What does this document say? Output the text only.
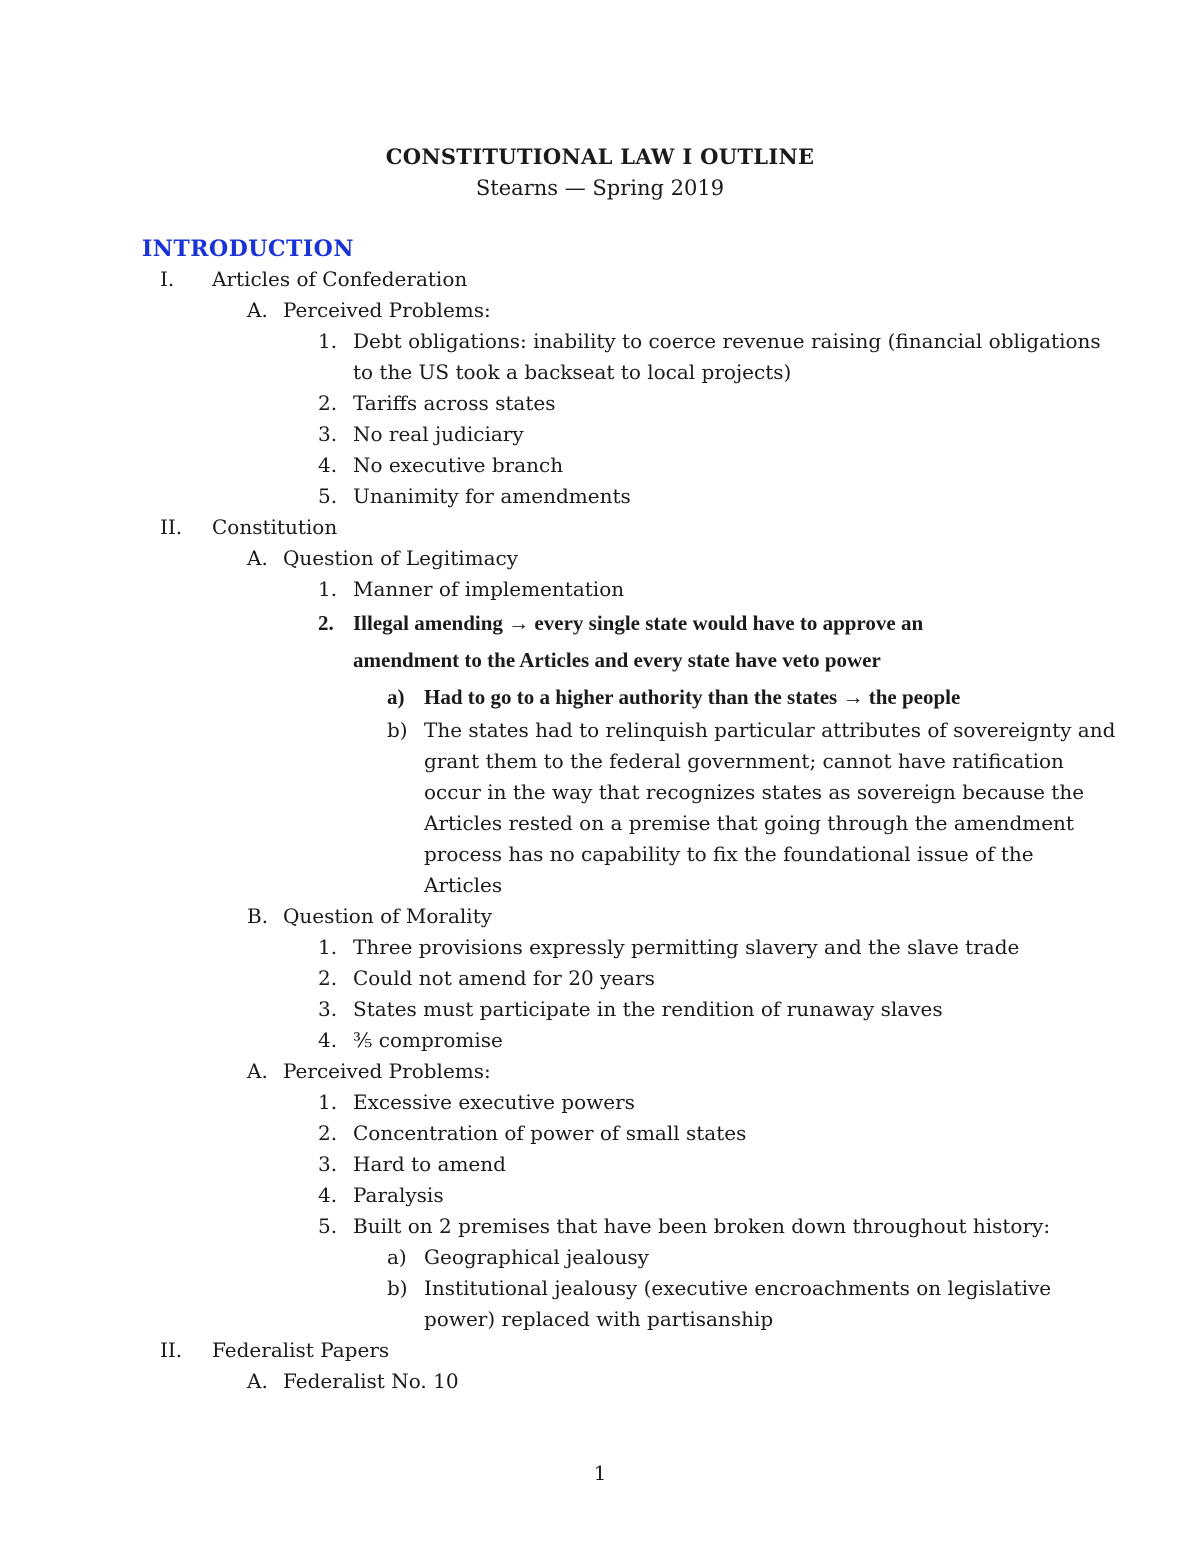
CONSTITUTIONAL LAW I OUTLINE
Stearns — Spring 2019
INTRODUCTION
I. Articles of Confederation
A. Perceived Problems:
1. Debt obligations: inability to coerce revenue raising (financial obligations
to the US took a backseat to local projects)
2. Tariffs across states
3. No real judiciary
4. No executive branch
5. Unanimity for amendments
II. Constitution
A. Question of Legitimacy
1. Manner of implementation
2. Illegal amending → every single state would have to approve an
amendment to the Articles and every state have veto power
a) Had to go to a higher authority than the states → the people
b) The states had to relinquish particular attributes of sovereignty and
grant them to the federal government; cannot have ratification
occur in the way that recognizes states as sovereign because the
Articles rested on a premise that going through the amendment
process has no capability to fix the foundational issue of the
Articles
B. Question of Morality
1. Three provisions expressly permitting slavery and the slave trade
2. Could not amend for 20 years
3. States must participate in the rendition of runaway slaves
4. ⅗ compromise
A. Perceived Problems:
1. Excessive executive powers
2. Concentration of power of small states
3. Hard to amend
4. Paralysis
5. Built on 2 premises that have been broken down throughout history:
a) Geographical jealousy
b) Institutional jealousy (executive encroachments on legislative
power) replaced with partisanship
II. Federalist Papers
A. Federalist No. 10
1
